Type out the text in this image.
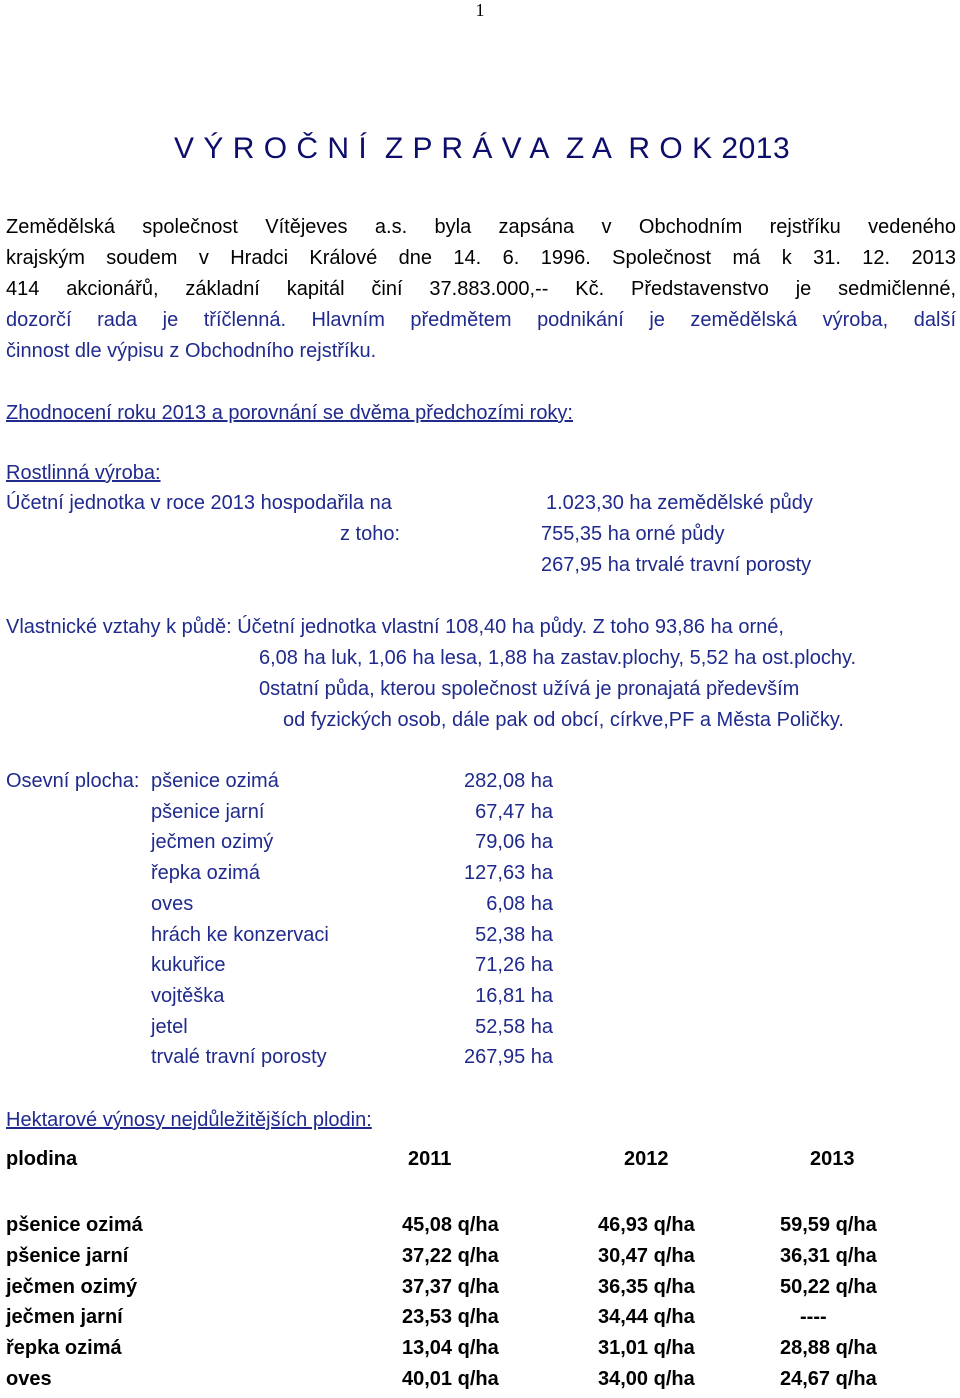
1
V Ý R O Č N Í  Z P R Á V A  Z A  R O K 2013

Zemědělská společnost Vítějeves a.s. byla zapsána v Obchodním rejstříku vedeného

krajským soudem v Hradci Králové dne 14. 6. 1996. Společnost má k 31. 12. 2013

414 akcionářů, základní kapitál činí 37.883.000,-- Kč. Představenstvo je sedmičlenné,

dozorčí rada je tříčlenná. Hlavním předmětem podnikání je zemědělská výroba, další

činnost dle výpisu z Obchodního rejstříku.

Zhodnocení roku 2013 a porovnání se dvěma předchozími roky:
Rostlinná výroba:
Účetní jednotka v roce 2013 hospodařila na	1.023,30 ha zemědělské půdy
z toho:	755,35 ha orné půdy
267,95 ha trvalé travní porosty
Vlastnické vztahy k půdě: Účetní jednotka vlastní 108,40 ha půdy. Z toho 93,86 ha orné,
6,08 ha luk, 1,06 ha lesa, 1,88 ha zastav.plochy, 5,52 ha ost.plochy.
0statní půda, kterou společnost užívá je pronajatá především
od fyzických osob, dále pak od obcí, církve,PF a Města Poličky.
Osevní plocha: pšenice ozimá	282,08 ha
pšenice jarní	67,47 ha
ječmen ozimý	79,06 ha
řepka ozimá	127,63 ha
oves	6,08 ha
hrách ke konzervaci	52,38 ha
kukuřice	71,26 ha
vojtěška	16,81 ha
jetel	52,58 ha
trvalé travní porosty	267,95 ha
Hektarové výnosy nejdůležitějších plodin:
plodina	2011	2012	2013
pšenice ozimá	45,08 q/ha	46,93 q/ha	59,59 q/ha
pšenice jarní	37,22 q/ha	30,47 q/ha	36,31 q/ha
ječmen ozimý	37,37 q/ha	36,35 q/ha	50,22 q/ha
ječmen jarní	23,53 q/ha	34,44 q/ha	----
řepka ozimá	13,04 q/ha	31,01 q/ha	28,88 q/ha
oves	40,01 q/ha	34,00 q/ha	24,67 q/ha
